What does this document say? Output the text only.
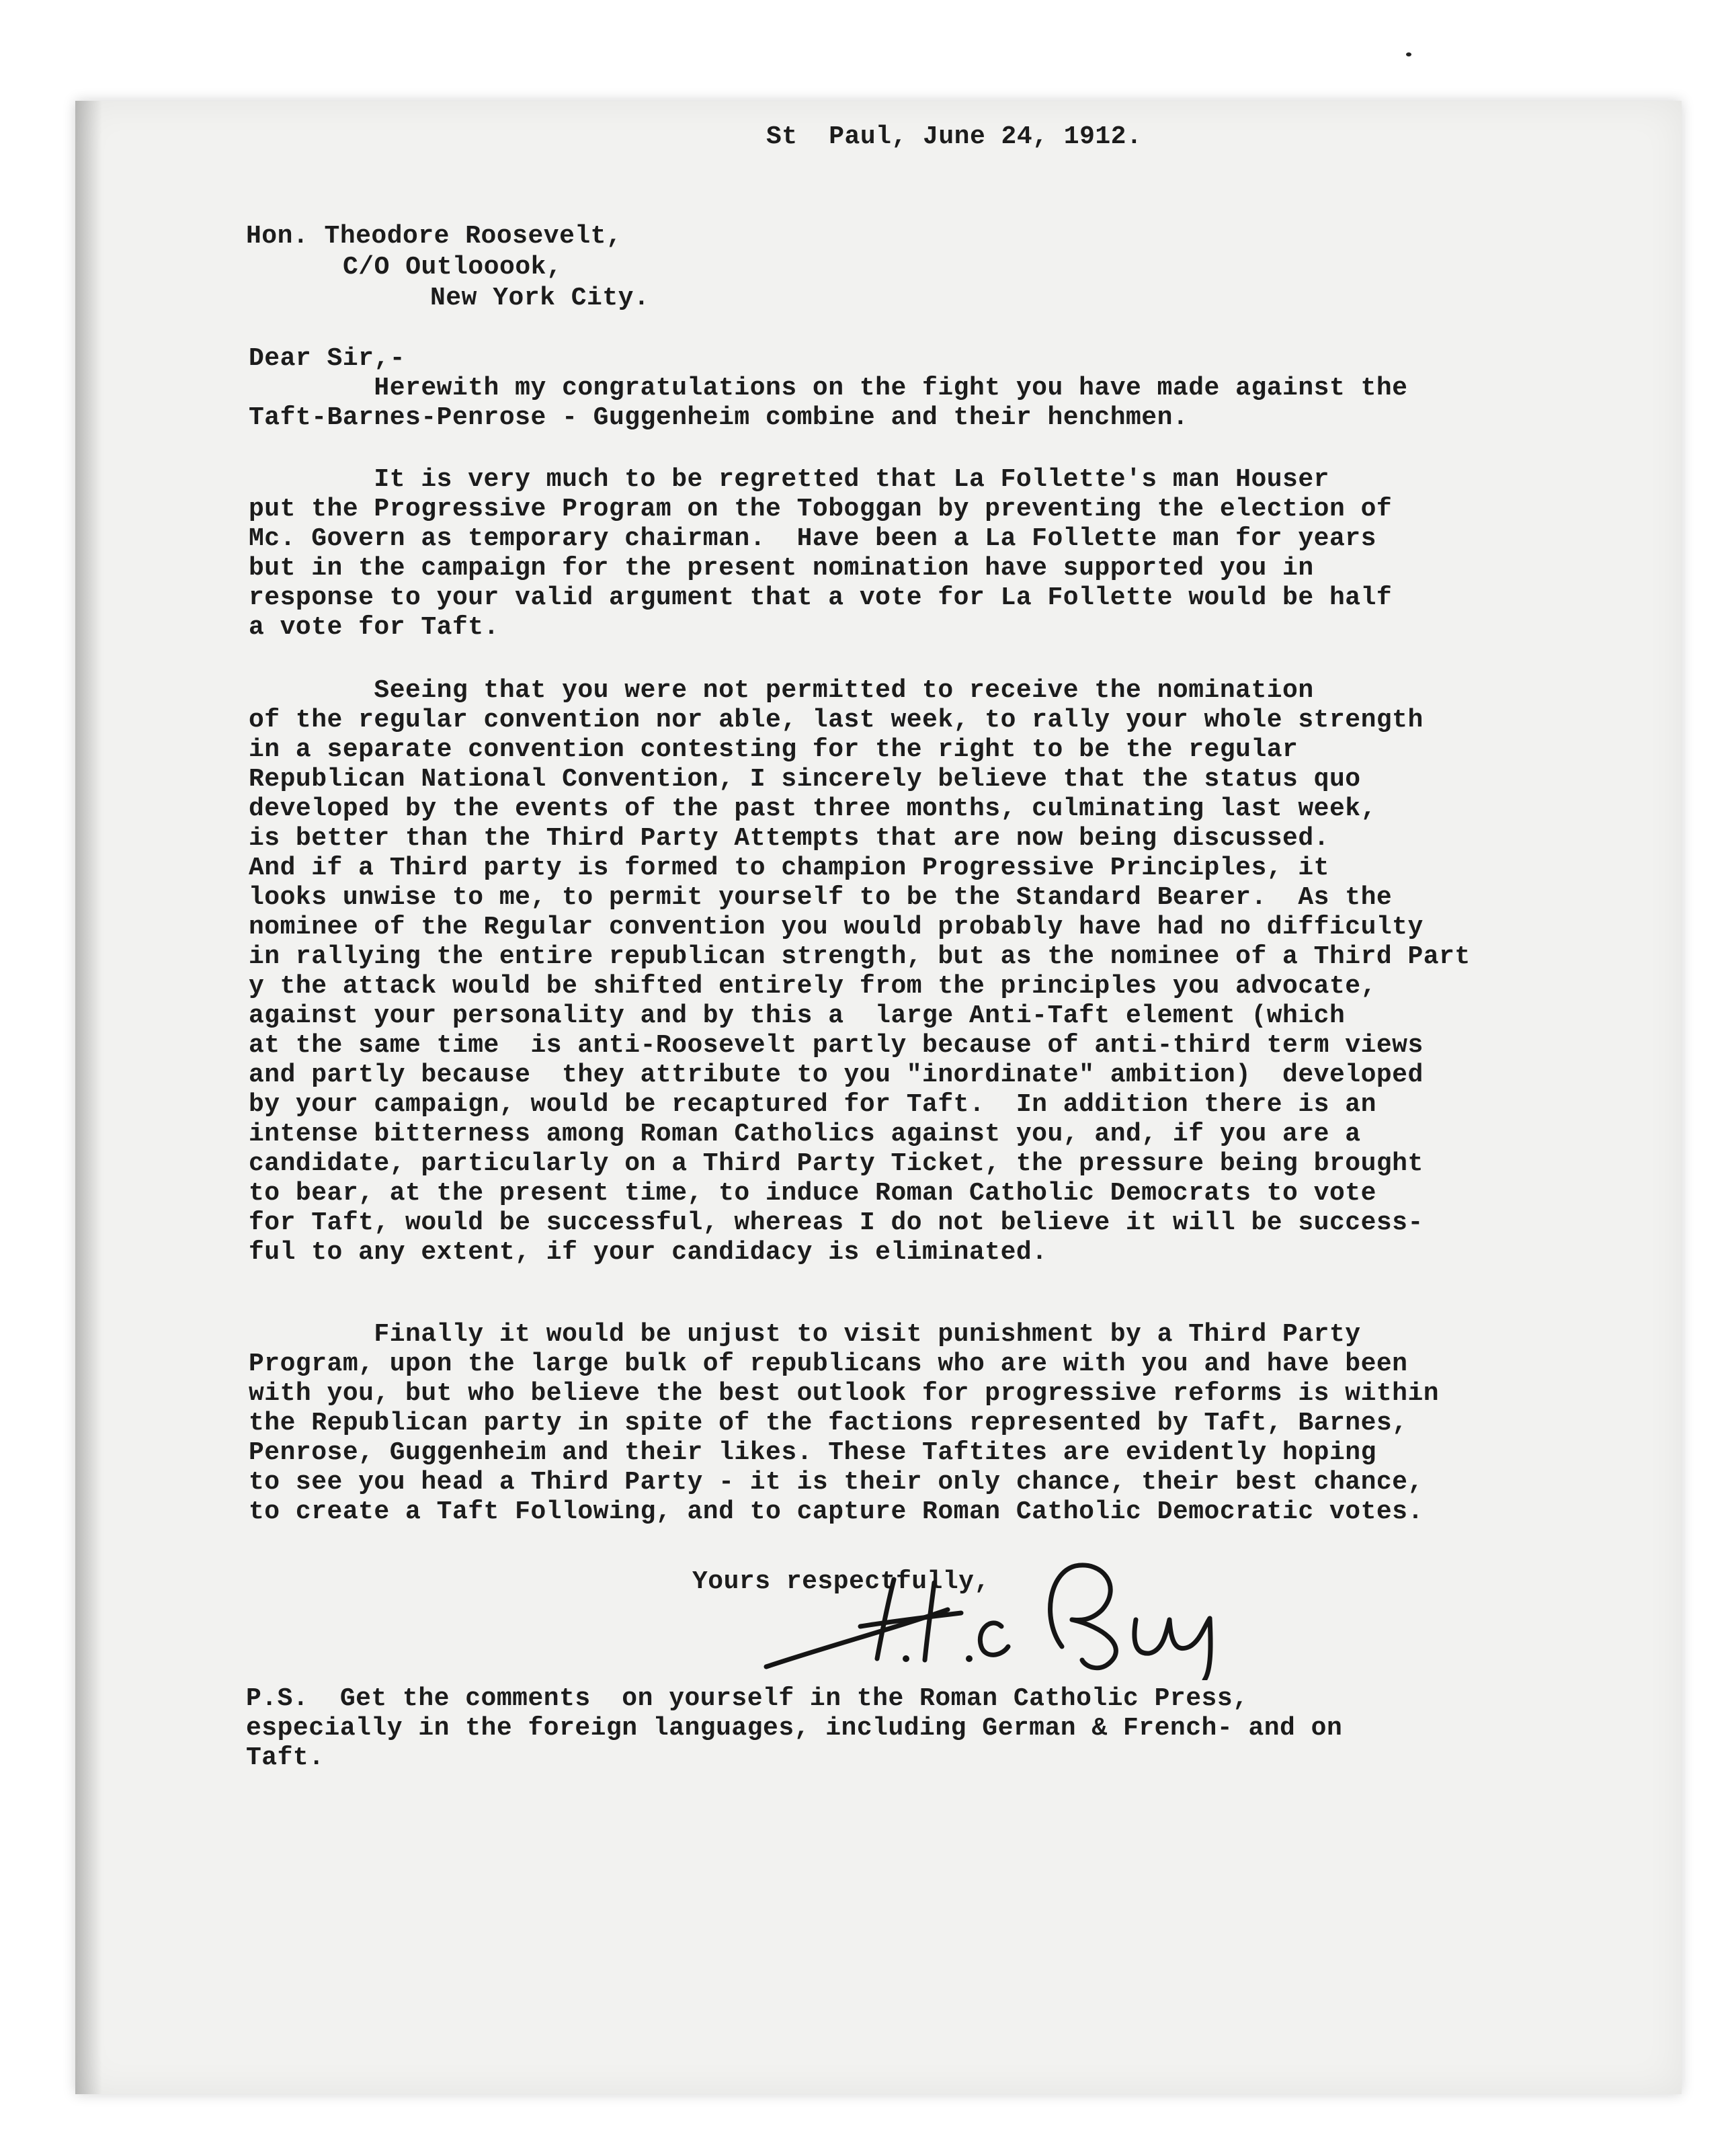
St  Paul, June 24, 1912.

Hon. Theodore Roosevelt,

C/O Outlooook,

New York City.

Dear Sir,-

Herewith my congratulations on the fight you have made against the

Taft-Barnes-Penrose - Guggenheim combine and their henchmen.

It is very much to be regretted that La Follette's man Houser

put the Progressive Program on the Toboggan by preventing the election of

Mc. Govern as temporary chairman.  Have been a La Follette man for years

but in the campaign for the present nomination have supported you in

response to your valid argument that a vote for La Follette would be half

a vote for Taft.

Seeing that you were not permitted to receive the nomination

of the regular convention nor able, last week, to rally your whole strength

in a separate convention contesting for the right to be the regular

Republican National Convention, I sincerely believe that the status quo

developed by the events of the past three months, culminating last week,

is better than the Third Party Attempts that are now being discussed.

And if a Third party is formed to champion Progressive Principles, it

looks unwise to me, to permit yourself to be the Standard Bearer.  As the

nominee of the Regular convention you would probably have had no difficulty

in rallying the entire republican strength, but as the nominee of a Third Part

y the attack would be shifted entirely from the principles you advocate,

against your personality and by this a  large Anti-Taft element (which

at the same time  is anti-Roosevelt partly because of anti-third term views

and partly because  they attribute to you "inordinate" ambition)  developed

by your campaign, would be recaptured for Taft.  In addition there is an

intense bitterness among Roman Catholics against you, and, if you are a

candidate, particularly on a Third Party Ticket, the pressure being brought

to bear, at the present time, to induce Roman Catholic Democrats to vote

for Taft, would be successful, whereas I do not believe it will be success-

ful to any extent, if your candidacy is eliminated.

Finally it would be unjust to visit punishment by a Third Party

Program, upon the large bulk of republicans who are with you and have been

with you, but who believe the best outlook for progressive reforms is within

the Republican party in spite of the factions represented by Taft, Barnes,

Penrose, Guggenheim and their likes. These Taftites are evidently hoping

to see you head a Third Party - it is their only chance, their best chance,

to create a Taft Following, and to capture Roman Catholic Democratic votes.

Yours respectfully,

P.S.  Get the comments  on yourself in the Roman Catholic Press,

especially in the foreign languages, including German & French- and on

Taft.
